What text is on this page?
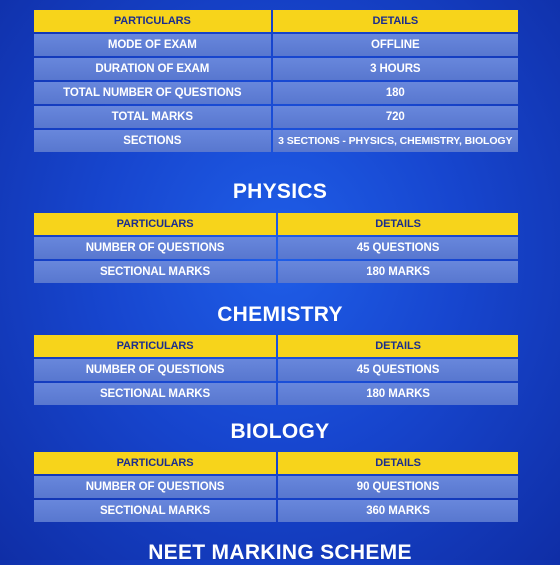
PARTICULARS	DETAILS
MODE OF EXAM	OFFLINE
DURATION OF EXAM	3 HOURS
TOTAL NUMBER OF QUESTIONS	180
TOTAL MARKS	720
SECTIONS	3 SECTIONS - PHYSICS, CHEMISTRY, BIOLOGY
PHYSICS
PARTICULARS	DETAILS
NUMBER OF QUESTIONS	45 QUESTIONS
SECTIONAL MARKS	180 MARKS
CHEMISTRY
PARTICULARS	DETAILS
NUMBER OF QUESTIONS	45 QUESTIONS
SECTIONAL MARKS	180 MARKS
BIOLOGY
PARTICULARS	DETAILS
NUMBER OF QUESTIONS	90 QUESTIONS
SECTIONAL MARKS	360 MARKS
NEET MARKING SCHEME
